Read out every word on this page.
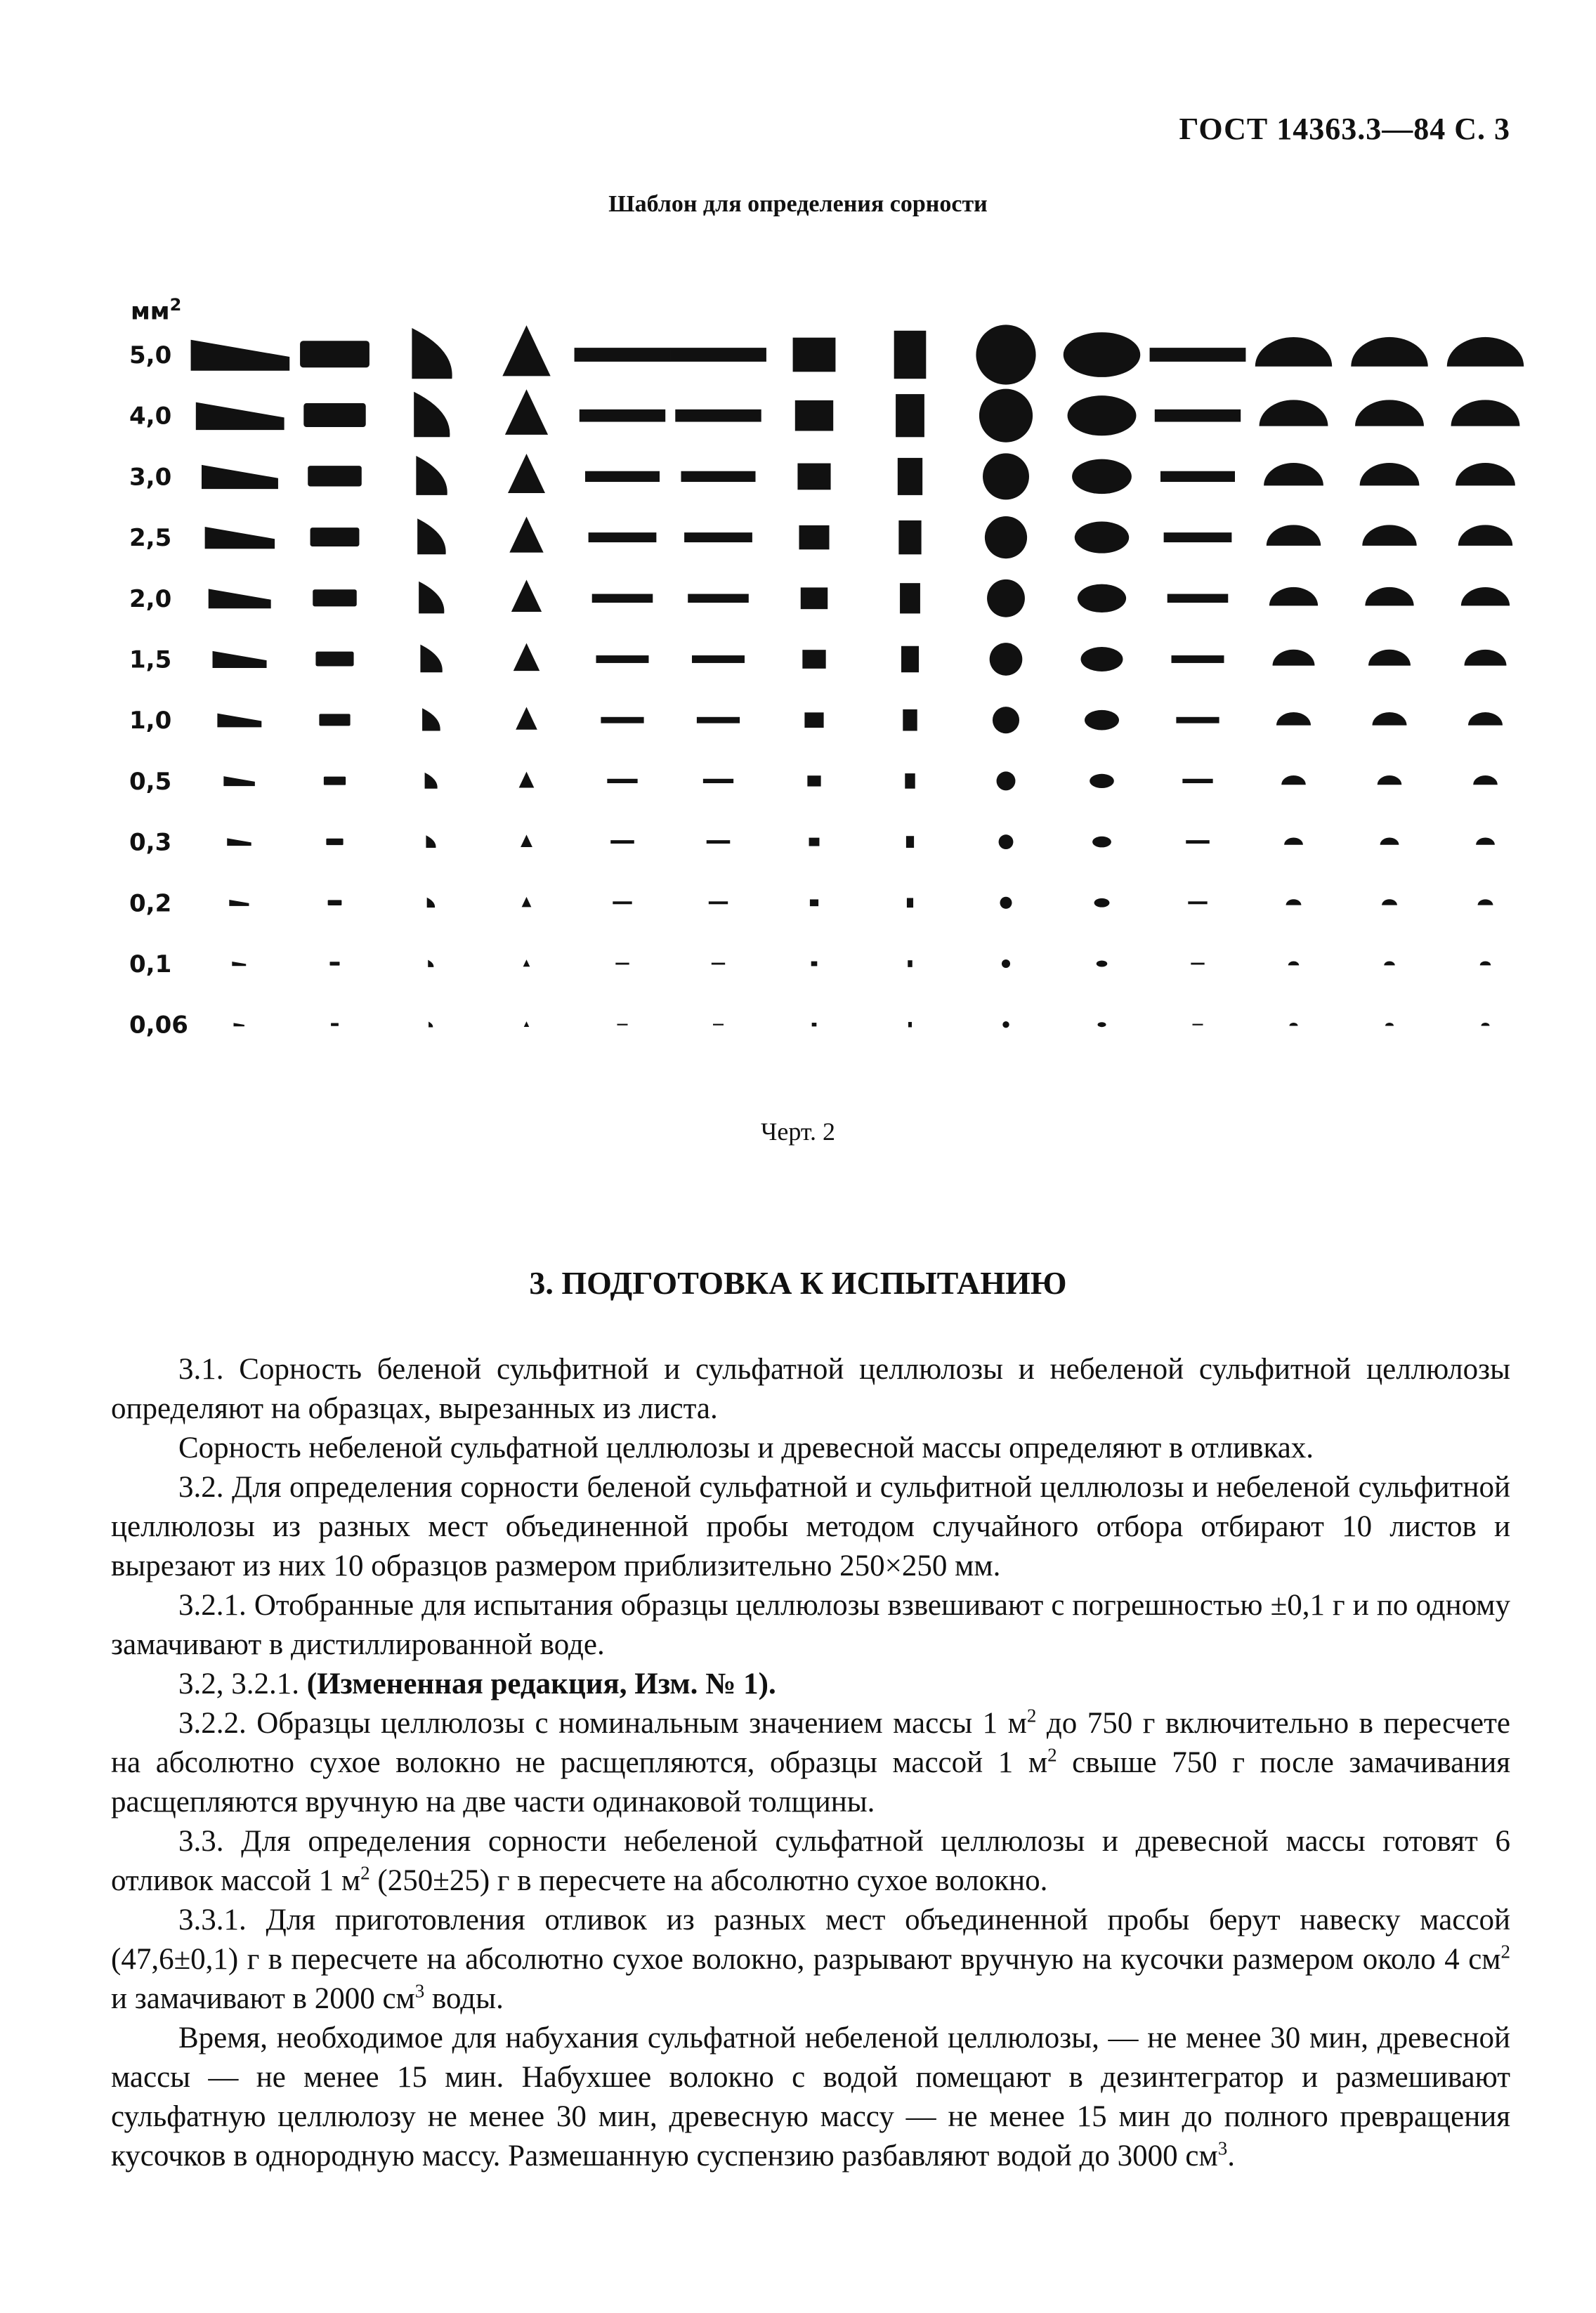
ГОСТ 14363.3—84 С. 3
Шаблон для определения сорности
$мм^2$
5,0
4,0
3,0
2,5
2,0
1,5
1,0
0,5
0,3
0,2
0,1
0,06
Черт. 2
3. ПОДГОТОВКА К ИСПЫТАНИЮ

3.1. Сорность беленой сульфитной и сульфатной целлюлозы и небеленой сульфитной целлюлозы определяют на образцах, вырезанных из листа.

Сорность небеленой сульфатной целлюлозы и древесной массы определяют в отливках.

3.2. Для определения сорности беленой сульфатной и сульфитной целлюлозы и небеленой сульфитной целлюлозы из разных мест объединенной пробы методом случайного отбора отбирают 10 листов и вырезают из них 10 образцов размером приблизительно 250×250 мм.

3.2.1. Отобранные для испытания образцы целлюлозы взвешивают с погрешностью ±0,1 г и по одному замачивают в дистиллированной воде.

3.2, 3.2.1. (Измененная редакция, Изм. № 1).

3.2.2. Образцы целлюлозы с номинальным значением массы 1 $м^2$ до 750 г включительно в пересчете на абсолютно сухое волокно не расщепляются, образцы массой 1 $м^2$ свыше 750 г после замачивания расщепляются вручную на две части одинаковой толщины.

3.3. Для определения сорности небеленой сульфатной целлюлозы и древесной массы готовят 6 отливок массой 1 $м^2$ (250±25) г в пересчете на абсолютно сухое волокно.

3.3.1. Для приготовления отливок из разных мест объединенной пробы берут навеску массой (47,6±0,1) г в пересчете на абсолютно сухое волокно, разрывают вручную на кусочки размером около 4 $см^2$ и замачивают в 2000 $см^3$ воды.

Время, необходимое для набухания сульфатной небеленой целлюлозы, — не менее 30 мин, древесной массы — не менее 15 мин. Набухшее волокно с водой помещают в дезинтегратор и размешивают сульфатную целлюлозу не менее 30 мин, древесную массу — не менее 15 мин до полного превращения кусочков в однородную массу. Размешанную суспензию разбавляют водой до 3000 $см^3$.
